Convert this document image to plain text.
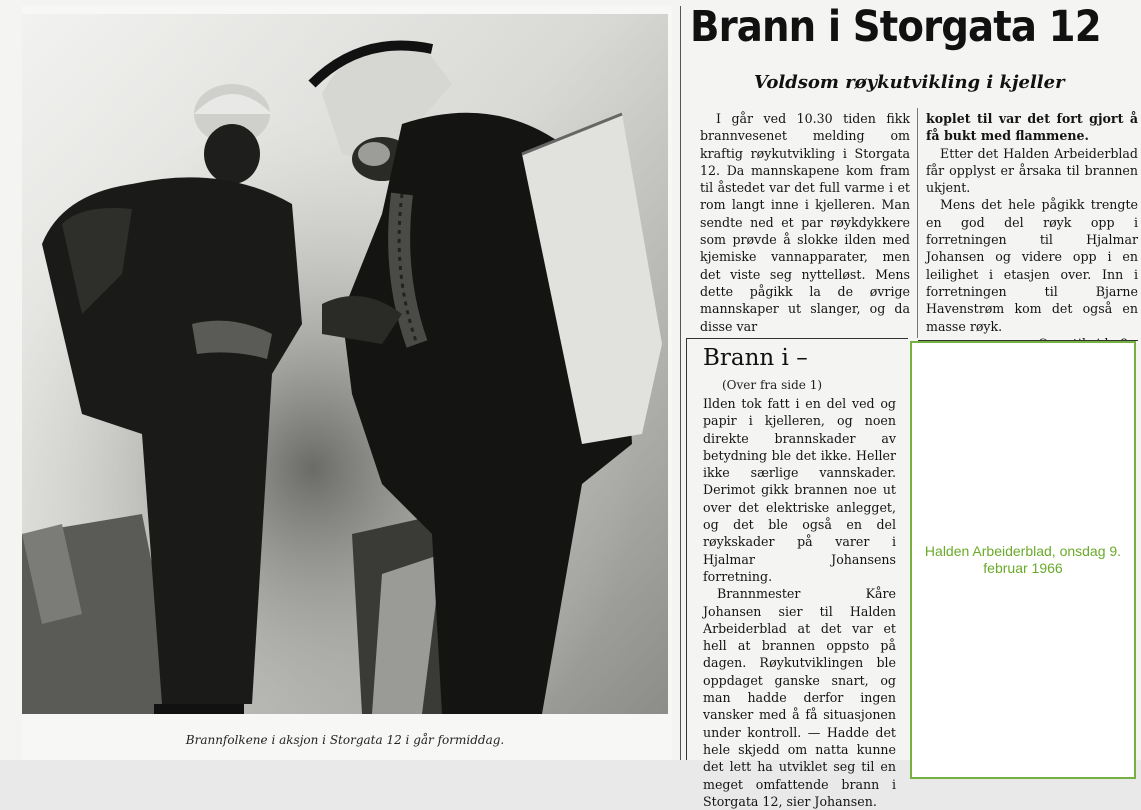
Brannfolkene i aksjon i Storgata 12 i går formiddag.
Brann i Storgata 12
Voldsom røykutvikling i kjeller

I går ved 10.30 tiden fikk brannvesenet melding om kraftig røykutvikling i Storgata 12. Da mannskapene kom fram til åstedet var det full varme i et rom langt inne i kjelleren. Man sendte ned et par røykdykkere som prøvde å slokke ilden med kjemiske vannapparater, men det viste seg nyttelløst. Mens dette pågikk la de øvrige mannskaper ut slanger, og da disse var

koplet til var det fort gjort å få bukt med flammene.

Etter det Halden Arbeiderblad får opplyst er årsaka til brannen ukjent.

Mens det hele pågikk trengte en god del røyk opp i forretningen til Hjalmar Johansen og videre opp i en leilighet i etasjen over. Inn i forretningen til Bjarne Havenstrøm kom det også en masse røyk.

Brann i –
(Over fra side 1)

Ilden tok fatt i en del ved og papir i kjelleren, og noen direkte brannskader av betydning ble det ikke. Heller ikke særlige vannskader. Derimot gikk brannen noe ut over det elektriske anlegget, og det ble også en del røykskader på varer i Hjalmar Johansens forretning.

Brannmester Kåre Johansen sier til Halden Arbeiderblad at det var et hell at brannen oppsto på dagen. Røykutviklingen ble oppdaget ganske snart, og man hadde derfor ingen vansker med å få situasjonen under kontroll. — Hadde det hele skjedd om natta kunne det lett ha utviklet seg til en meget omfattende brann i Storgata 12, sier Johansen.

Halden Arbeiderblad, onsdag 9. februar 1966
